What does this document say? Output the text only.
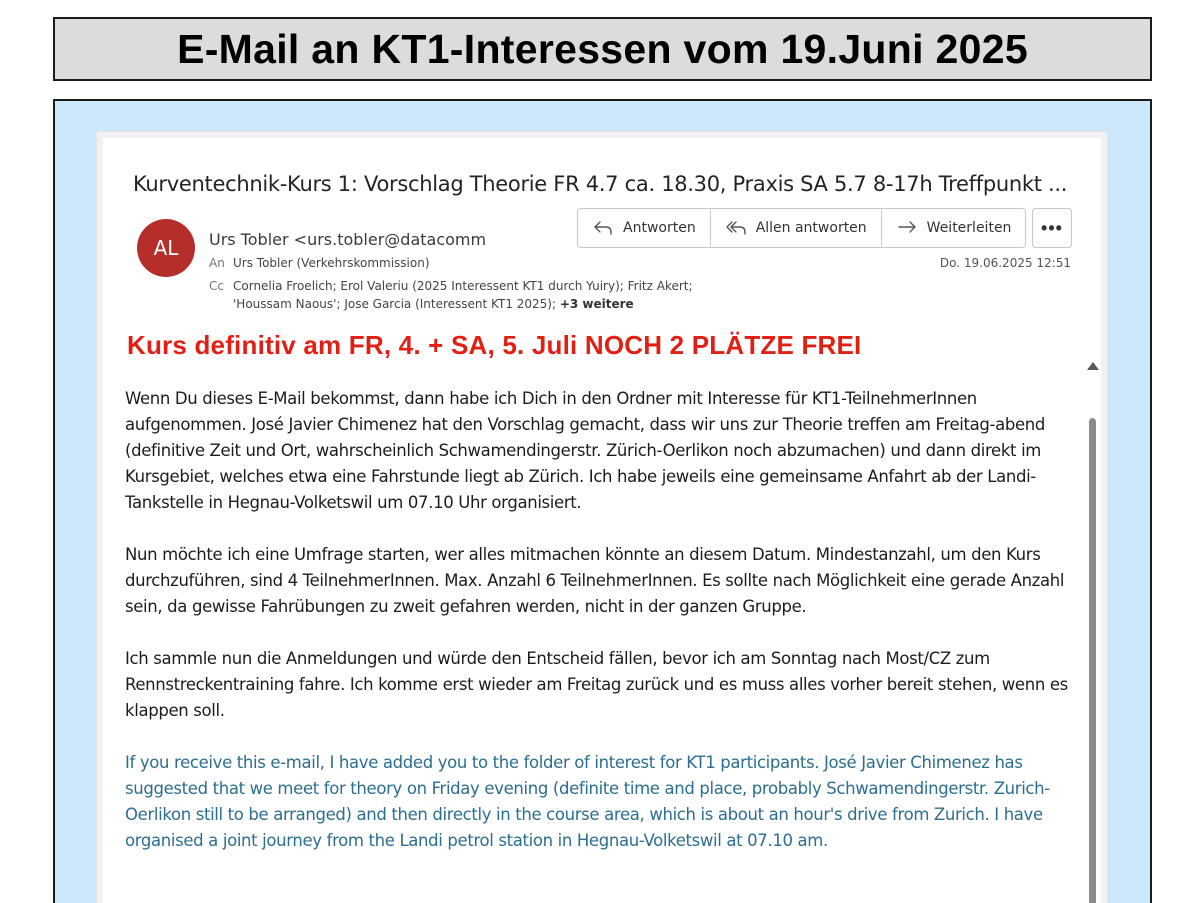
E-Mail an KT1-Interessen vom 19.Juni 2025
Kurventechnik-Kurs 1: Vorschlag Theorie FR 4.7 ca. 18.30, Praxis SA 5.7 8-17h Treffpunkt ...
AL	Urs Tobler <urs.tobler@datacomm
An Urs Tobler (Verkehrskommission)
Cc Cornelia Froelich; Erol Valeriu (2025 Interessent KT1 durch Yuiry); Fritz Akert;
'Houssam Naous'; Jose Garcia (Interessent KT1 2025); +3 weitere
Antworten	Allen antworten	Weiterleiten	•••
Do. 19.06.2025 12:51
Kurs definitiv am FR, 4. + SA, 5. Juli NOCH 2 PLÄTZE FREI

Wenn Du dieses E-Mail bekommst, dann habe ich Dich in den Ordner mit Interesse für KT1-TeilnehmerInnen aufgenommen. José Javier Chimenez hat den Vorschlag gemacht, dass wir uns zur Theorie treffen am Freitag-abend (definitive Zeit und Ort, wahrscheinlich Schwamendingerstr. Zürich-Oerlikon noch abzumachen) und dann direkt im Kursgebiet, welches etwa eine Fahrstunde liegt ab Zürich. Ich habe jeweils eine gemeinsame Anfahrt ab der Landi-Tankstelle in Hegnau-Volketswil um 07.10 Uhr organisiert.

Nun möchte ich eine Umfrage starten, wer alles mitmachen könnte an diesem Datum. Mindestanzahl, um den Kurs durchzuführen, sind 4 TeilnehmerInnen. Max. Anzahl 6 TeilnehmerInnen. Es sollte nach Möglichkeit eine gerade Anzahl sein, da gewisse Fahrübungen zu zweit gefahren werden, nicht in der ganzen Gruppe.

Ich sammle nun die Anmeldungen und würde den Entscheid fällen, bevor ich am Sonntag nach Most/CZ zum Rennstreckentraining fahre. Ich komme erst wieder am Freitag zurück und es muss alles vorher bereit stehen, wenn es klappen soll.

If you receive this e-mail, I have added you to the folder of interest for KT1 participants. José Javier Chimenez has suggested that we meet for theory on Friday evening (definite time and place, probably Schwamendingerstr. Zurich-Oerlikon still to be arranged) and then directly in the course area, which is about an hour's drive from Zurich. I have organised a joint journey from the Landi petrol station in Hegnau-Volketswil at 07.10 am.
